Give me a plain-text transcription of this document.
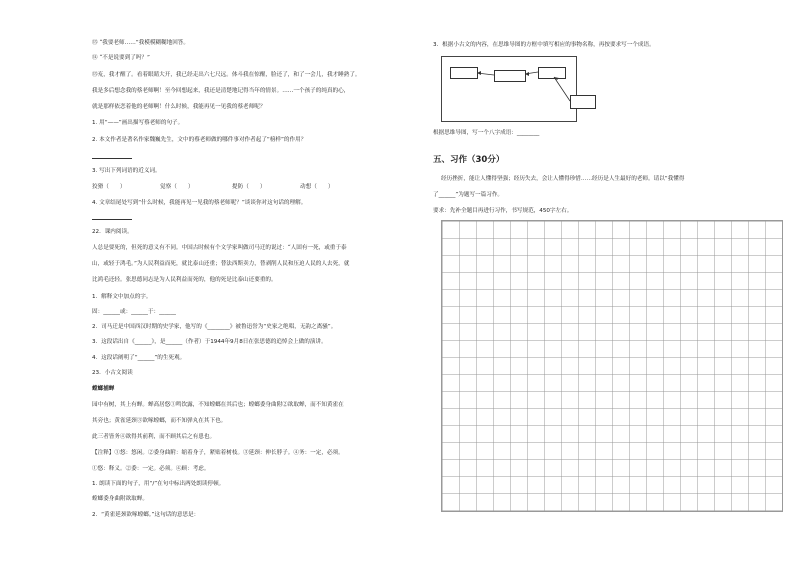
⑬ “我要老师……”我模模糊糊地回答。
⑭ “不是说要到了吗？”
⑬㐬，我才醒了。看着眼睛大开，我已经走出六七尺远。体斗我在惊醒，脸还了，和了一会儿，我才睡熟了。
我是多后想念我的蔡老师啊！至今回想起来，我还是清楚地记得当年的情景。……一个孩子的纯真的心，
就是那样依恋着他的老师啊！什么时候，我能再见一见我的蔡老师呢？
1. 用“——”画出描写蔡老师的句子。
2. 本文作者是著名作家魏巍先生，文中的蔡老师做的哪件事对作者起了“榜样”的作用？
3. 写出下列词语的近义词。
狡猾（　　）	觉察（　　）	提防（　　）	动想（　　）
4. 文章结尾处写到“什么时候，我能再见一见我的蔡老师呢？”谈谈你对这句话的理解。
22．课内阅读。
人总是要死的，但死的意义有不同。中国古时候有个文学家叫做司马迁的说过：“人固有一死，或重于泰
山，或轻于鸿毛。”为人民利益而死，就比泰山还重；替法西斯卖力，替剥削人民和压迫人民的人去死，就
比鸿毛还轻。张思德同志是为人民利益而死的，他的死是比泰山还要重的。
1．解释文中加点的字。
固：______或：______于：______
2．司马迁是中国西汉时期的史学家，他写的《________》被鲁迅誉为“史家之绝唱，无韵之离骚”。
3．这段话出自《______》，是______（作者）于1944年9月8日在张思德的追悼会上做的演讲。
4．这段话阐明了“______”的生死观。
23．小古文阅读
螳螂捕蝉
园中有树，其上有蝉。蝉高居悠①鸣饮露，不知螳螂在其后也；螳螂委身曲附②欲取蝉，而不知黄雀在
其旁也；黄雀延颈③欲啄螳螂，而不知弹丸在其下也。
此三者皆务④欲得其前利，而不顾其后之有患也。
【注释】①悠：悠闲。②委身曲附：缩着身子，紧贴着树枝。③延颈：伸长脖子。④务：一定，必须。
①悠：释义。②委：一定。必须。④顾：考虑。
1. 朗读下面的句子，用“/”在句中标出两处朗读停顿。
螳螂委身曲附欲取蝉。
2．“黄雀延颈欲啄螳螂。”这句话的意思是：
3．根据小古文的内容，在思维导图的方框中填写相应的事物名称，再按要求写一个成语。
根据思维导图，写一个八字成语：________
五、习作（30分）
经历挫折，能让人懂得坚强；经历失去，会让人懂得珍惜……经历是人生最好的老师。请以“我懂得
了______”为题写一篇习作。
要求：先补全题目再进行习作，书写规范，450字左右。
